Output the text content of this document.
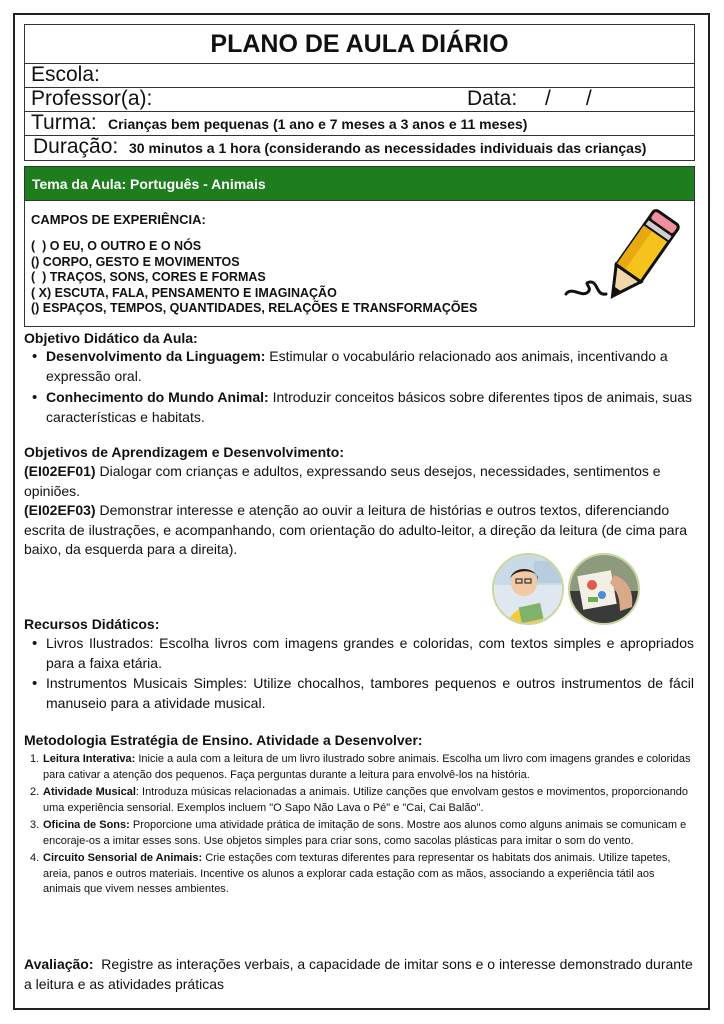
PLANO DE AULA DIÁRIO
Escola:
Professor(a):	Data: /      /
Turma: Crianças bem pequenas (1 ano e 7 meses a 3 anos e 11 meses)
Duração: 30 minutos a 1 hora (considerando as necessidades individuais das crianças)
Tema da Aula: Português - Animais
CAMPOS DE EXPERIÊNCIA:
(  ) O EU, O OUTRO E O NÓS
() CORPO, GESTO E MOVIMENTOS
(  ) TRAÇOS, SONS, CORES E FORMAS
( X) ESCUTA, FALA, PENSAMENTO E IMAGINAÇÃO
() ESPAÇOS, TEMPOS, QUANTIDADES, RELAÇÕES E TRANSFORMAÇÕES
Objetivo Didático da Aula:
• Desenvolvimento da Linguagem: Estimular o vocabulário relacionado aos animais, incentivando a expressão oral.
• Conhecimento do Mundo Animal: Introduzir conceitos básicos sobre diferentes tipos de animais, suas características e habitats.
Objetivos de Aprendizagem e Desenvolvimento:
(EI02EF01) Dialogar com crianças e adultos, expressando seus desejos, necessidades, sentimentos e opiniões.
(EI02EF03) Demonstrar interesse e atenção ao ouvir a leitura de histórias e outros textos, diferenciando escrita de ilustrações, e acompanhando, com orientação do adulto-leitor, a direção da leitura (de cima para baixo, da esquerda para a direita).
Recursos Didáticos:
• Livros Ilustrados: Escolha livros com imagens grandes e coloridas, com textos simples e apropriados para a faixa etária.
• Instrumentos Musicais Simples: Utilize chocalhos, tambores pequenos e outros instrumentos de fácil manuseio para a atividade musical.
Metodologia Estratégia de Ensino. Atividade a Desenvolver:
Leitura Interativa: Inicie a aula com a leitura de um livro ilustrado sobre animais. Escolha um livro com imagens grandes e coloridas para cativar a atenção dos pequenos. Faça perguntas durante a leitura para envolvê-los na história.
Atividade Musical: Introduza músicas relacionadas a animais. Utilize canções que envolvam gestos e movimentos, proporcionando uma experiência sensorial. Exemplos incluem "O Sapo Não Lava o Pé" e "Cai, Cai Balão".
Oficina de Sons: Proporcione uma atividade prática de imitação de sons. Mostre aos alunos como alguns animais se comunicam e encoraje-os a imitar esses sons. Use objetos simples para criar sons, como sacolas plásticas para imitar o som do vento.
Circuito Sensorial de Animais: Crie estações com texturas diferentes para representar os habitats dos animais. Utilize tapetes, areia, panos e outros materiais. Incentive os alunos a explorar cada estação com as mãos, associando a experiência tátil aos animais que vivem nesses ambientes.
Avaliação:  Registre as interações verbais, a capacidade de imitar sons e o interesse demonstrado durante a leitura e as atividades práticas
